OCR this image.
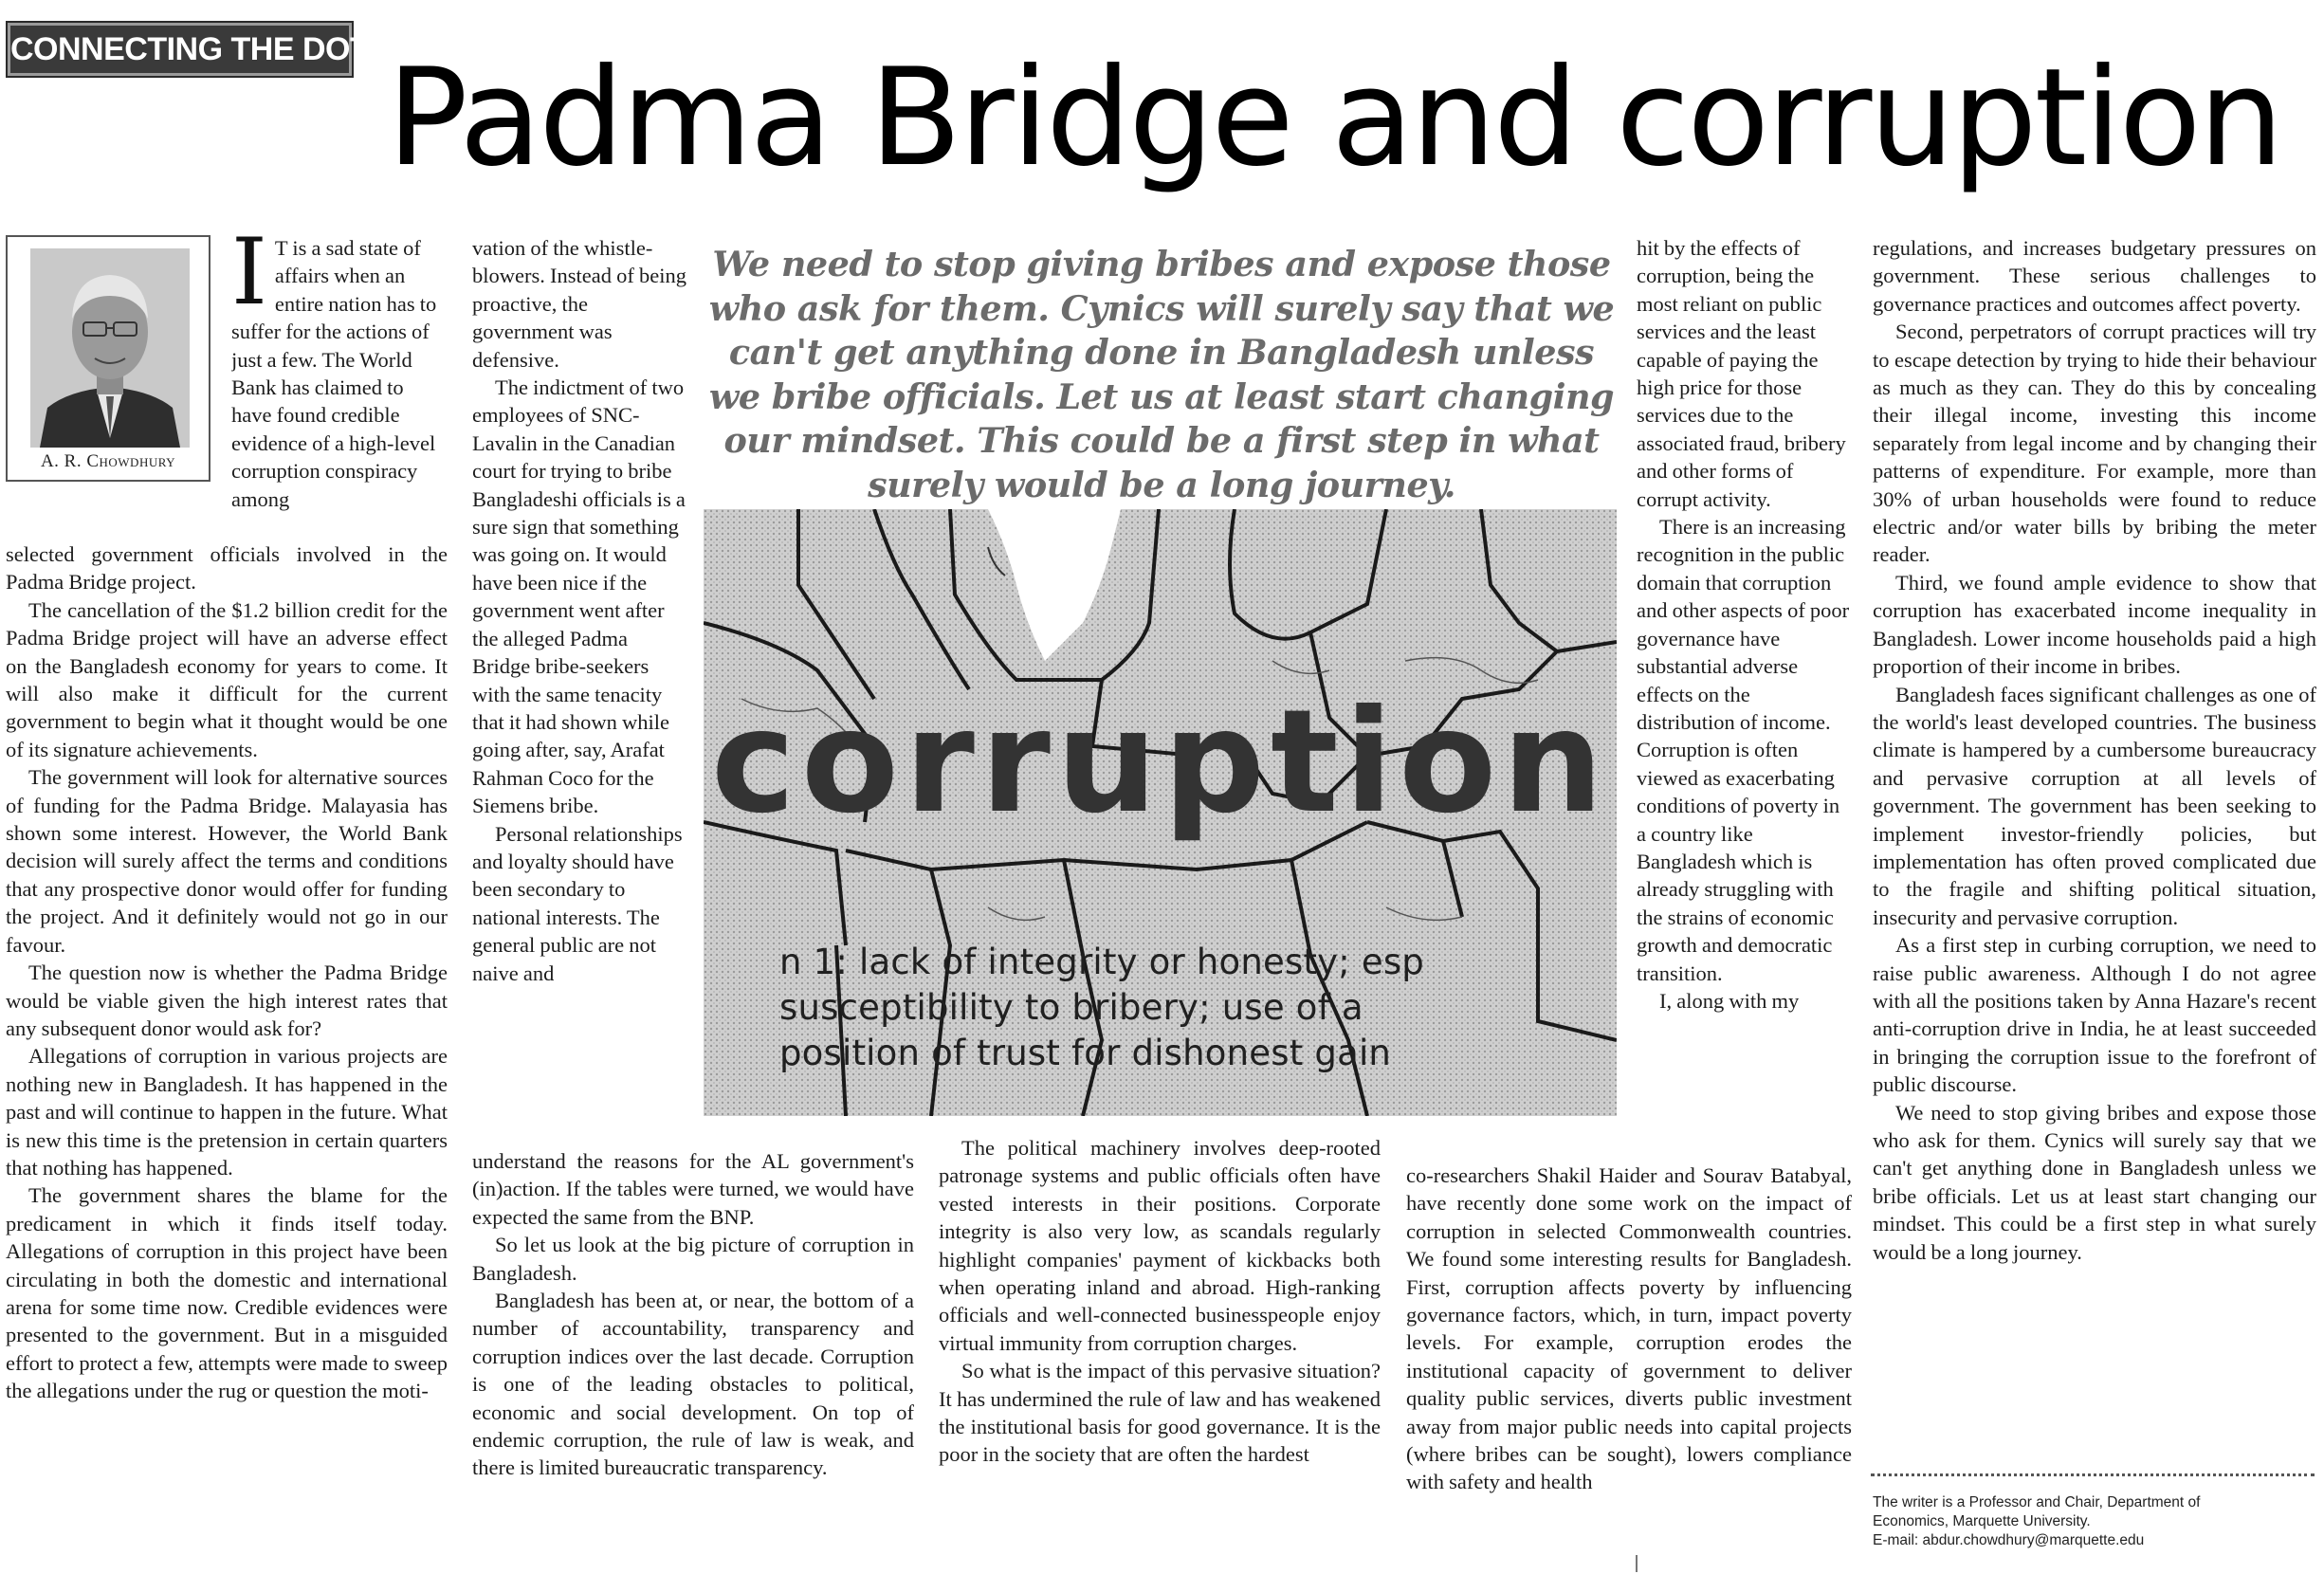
CONNECTING THE DOTS
Padma Bridge and corruption
A. R. Chowdhury

I T is a sad state of affairs when an entire nation has to suffer for the actions of just a few. The World Bank has claimed to have found credible evidence of a high-level corruption conspiracy among

selected government officials involved in the Padma Bridge project.

The cancellation of the $1.2 billion credit for the Padma Bridge project will have an adverse effect on the Bangladesh economy for years to come. It will also make it difficult for the current government to begin what it thought would be one of its signature achievements.

The government will look for alternative sources of funding for the Padma Bridge. Malayasia has shown some interest. However, the World Bank decision will surely affect the terms and conditions that any prospective donor would offer for funding the project. And it definitely would not go in our favour.

The question now is whether the Padma Bridge would be viable given the high interest rates that any subsequent donor would ask for?

Allegations of corruption in various projects are nothing new in Bangladesh. It has happened in the past and will continue to happen in the future. What is new this time is the pretension in certain quarters that nothing has happened.

The government shares the blame for the predicament in which it finds itself today. Allegations of corruption in this project have been circulating in both the domestic and international arena for some time now. Credible evidences were presented to the government. But in a misguided effort to protect a few, attempts were made to sweep the allegations under the rug or question the moti-

vation of the whistle-blowers. Instead of being proactive, the government was defensive.

The indictment of two employees of SNC-Lavalin in the Canadian court for trying to bribe Bangladeshi officials is a sure sign that something was going on. It would have been nice if the government went after the alleged Padma Bridge bribe-seekers with the same tenacity that it had shown while going after, say, Arafat Rahman Coco for the Siemens bribe.

Personal relationships and loyalty should have been secondary to national interests. The general public are not naive and

understand the reasons for the AL government's (in)action. If the tables were turned, we would have expected the same from the BNP.

So let us look at the big picture of corruption in Bangladesh.

Bangladesh has been at, or near, the bottom of a number of accountability, transparency and corruption indices over the last decade. Corruption is one of the leading obstacles to political, economic and social development. On top of endemic corruption, the rule of law is weak, and there is limited bureaucratic transparency.

We need to stop giving bribes and expose those who ask for them. Cynics will surely say that we can't get anything done in Bangladesh unless we bribe officials. Let us at least start changing our mindset. This could be a first step in what surely would be a long journey.
corruption
n 1: lack of integrity or honesty; esp
susceptibility to bribery; use of a
position of trust for dishonest gain

The political machinery involves deep-rooted patronage systems and public officials often have vested interests in their positions. Corporate integrity is also very low, as scandals regularly highlight companies' payment of kickbacks both when operating inland and abroad. High-ranking officials and well-connected businesspeople enjoy virtual immunity from corruption charges.

So what is the impact of this pervasive situation? It has undermined the rule of law and has weakened the institutional basis for good governance. It is the poor in the society that are often the hardest

hit by the effects of corruption, being the most reliant on public services and the least capable of paying the high price for those services due to the associated fraud, bribery and other forms of corrupt activity.

There is an increasing recognition in the public domain that corruption and other aspects of poor governance have substantial adverse effects on the distribution of income. Corruption is often viewed as exacerbating conditions of poverty in a country like Bangladesh which is already struggling with the strains of economic growth and democratic transition.

I, along with my

co-researchers Shakil Haider and Sourav Batabyal, have recently done some work on the impact of corruption in selected Commonwealth countries. We found some interesting results for Bangladesh. First, corruption affects poverty by influencing governance factors, which, in turn, impact poverty levels. For example, corruption erodes the institutional capacity of government to deliver quality public services, diverts public investment away from major public needs into capital projects (where bribes can be sought), lowers compliance with safety and health

regulations, and increases budgetary pressures on government. These serious challenges to governance practices and outcomes affect poverty.

Second, perpetrators of corrupt practices will try to escape detection by trying to hide their behaviour as much as they can. They do this by concealing their illegal income, investing this income separately from legal income and by changing their patterns of expenditure. For example, more than 30% of urban households were found to reduce electric and/or water bills by bribing the meter reader.

Third, we found ample evidence to show that corruption has exacerbated income inequality in Bangladesh. Lower income households paid a high proportion of their income in bribes.

Bangladesh faces significant challenges as one of the world's least developed countries. The business climate is hampered by a cumbersome bureaucracy and pervasive corruption at all levels of government. The government has been seeking to implement investor-friendly policies, but implementation has often proved complicated due to the fragile and shifting political situation, insecurity and pervasive corruption.

As a first step in curbing corruption, we need to raise public awareness. Although I do not agree with all the positions taken by Anna Hazare's recent anti-corruption drive in India, he at least succeeded in bringing the corruption issue to the forefront of public discourse.

We need to stop giving bribes and expose those who ask for them. Cynics will surely say that we can't get anything done in Bangladesh unless we bribe officials. Let us at least start changing our mindset. This could be a first step in what surely would be a long journey.

The writer is a Professor and Chair, Department of
Economics, Marquette University.
E-mail: abdur.chowdhury@marquette.edu
